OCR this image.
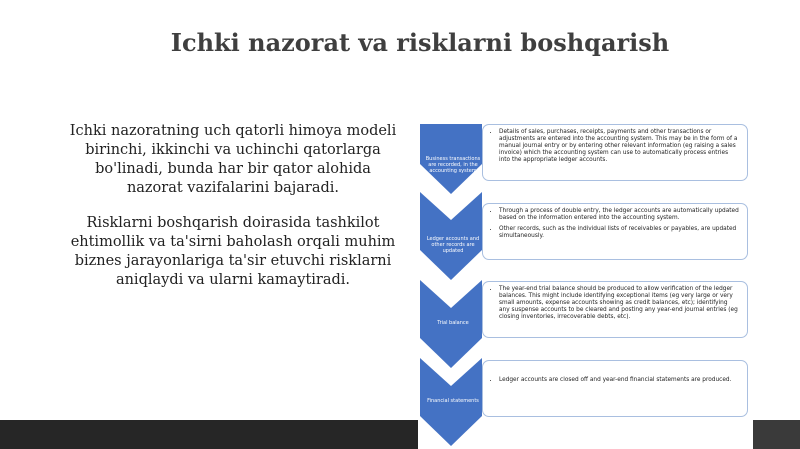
Ichki nazorat va risklarni boshqarish

Ichki nazoratning uch qatorli himoya modeli birinchi, ikkinchi va uchinchi qatorlarga bo'linadi, bunda har bir qator alohida nazorat vazifalarini bajaradi.

Risklarni boshqarish doirasida tashkilot ehtimollik va ta'sirni baholash orqali muhim biznes jarayonlariga ta'sir etuvchi risklarni aniqlaydi va ularni kamaytiradi.

Business transactions are recorded, in the accounting system
Ledger accounts and other records are updated
Trial balance
Financial statements
• Details of sales, purchases, receipts, payments and other transactions or adjustments are entered into the accounting system. This may be in the form of a manual journal entry or by entering other relevant information (eg raising a sales invoice) which the accounting system can use to automatically process entries into the appropriate ledger accounts.
• Through a process of double entry, the ledger accounts are automatically updated based on the information entered into the accounting system.
• Other records, such as the individual lists of receivables or payables, are updated simultaneously.
• The year-end trial balance should be produced to allow verification of the ledger balances. This might include identifying exceptional items (eg very large or very small amounts, expense accounts showing as credit balances, etc); identifying any suspense accounts to be cleared and posting any year-end journal entries (eg closing inventories, irrecoverable debts, etc).
• Ledger accounts are closed off and year-end financial statements are produced.
